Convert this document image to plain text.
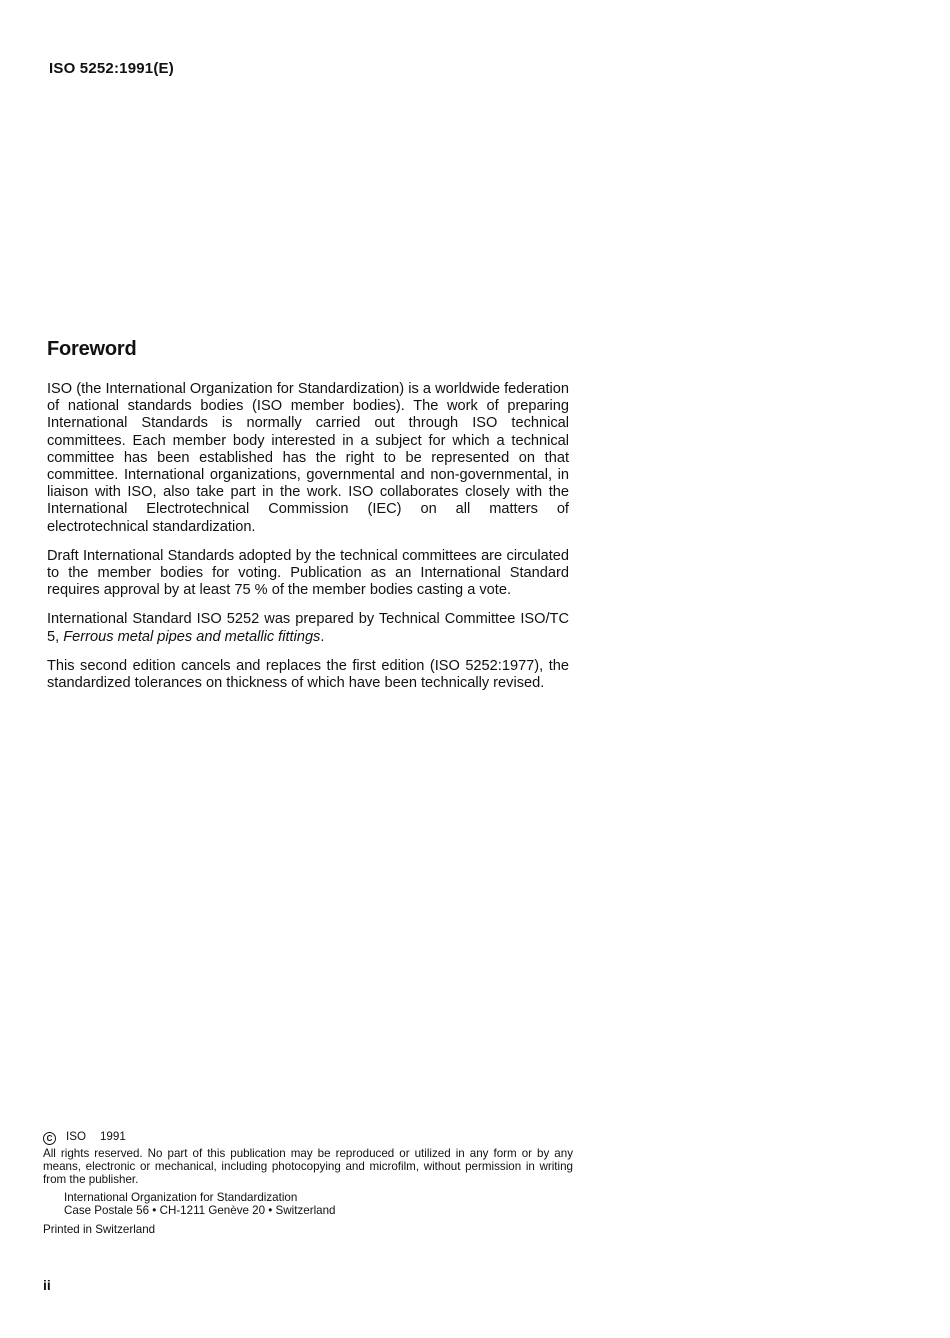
ISO 5252:1991(E)

Foreword

ISO (the International Organization for Standardization) is a worldwide federation of national standards bodies (ISO member bodies). The work of preparing International Standards is normally carried out through ISO technical committees. Each member body interested in a subject for which a technical committee has been established has the right to be represented on that committee. International organizations, governmental and non-governmental, in liaison with ISO, also take part in the work. ISO collaborates closely with the International Electrotechnical Commission (IEC) on all matters of electrotechnical standardization.

Draft International Standards adopted by the technical committees are circulated to the member bodies for voting. Publication as an International Standard requires approval by at least 75 % of the member bodies casting a vote.

International Standard ISO 5252 was prepared by Technical Committee ISO/TC 5, Ferrous metal pipes and metallic fittings.

This second edition cancels and replaces the first edition (ISO 5252:1977), the standardized tolerances on thickness of which have been technically revised.

C ISO 1991

All rights reserved. No part of this publication may be reproduced or utilized in any form or by any means, electronic or mechanical, including photocopying and microfilm, without permission in writing from the publisher.

International Organization for Standardization

Case Postale 56 • CH-1211 Genève 20 • Switzerland

Printed in Switzerland

ii
